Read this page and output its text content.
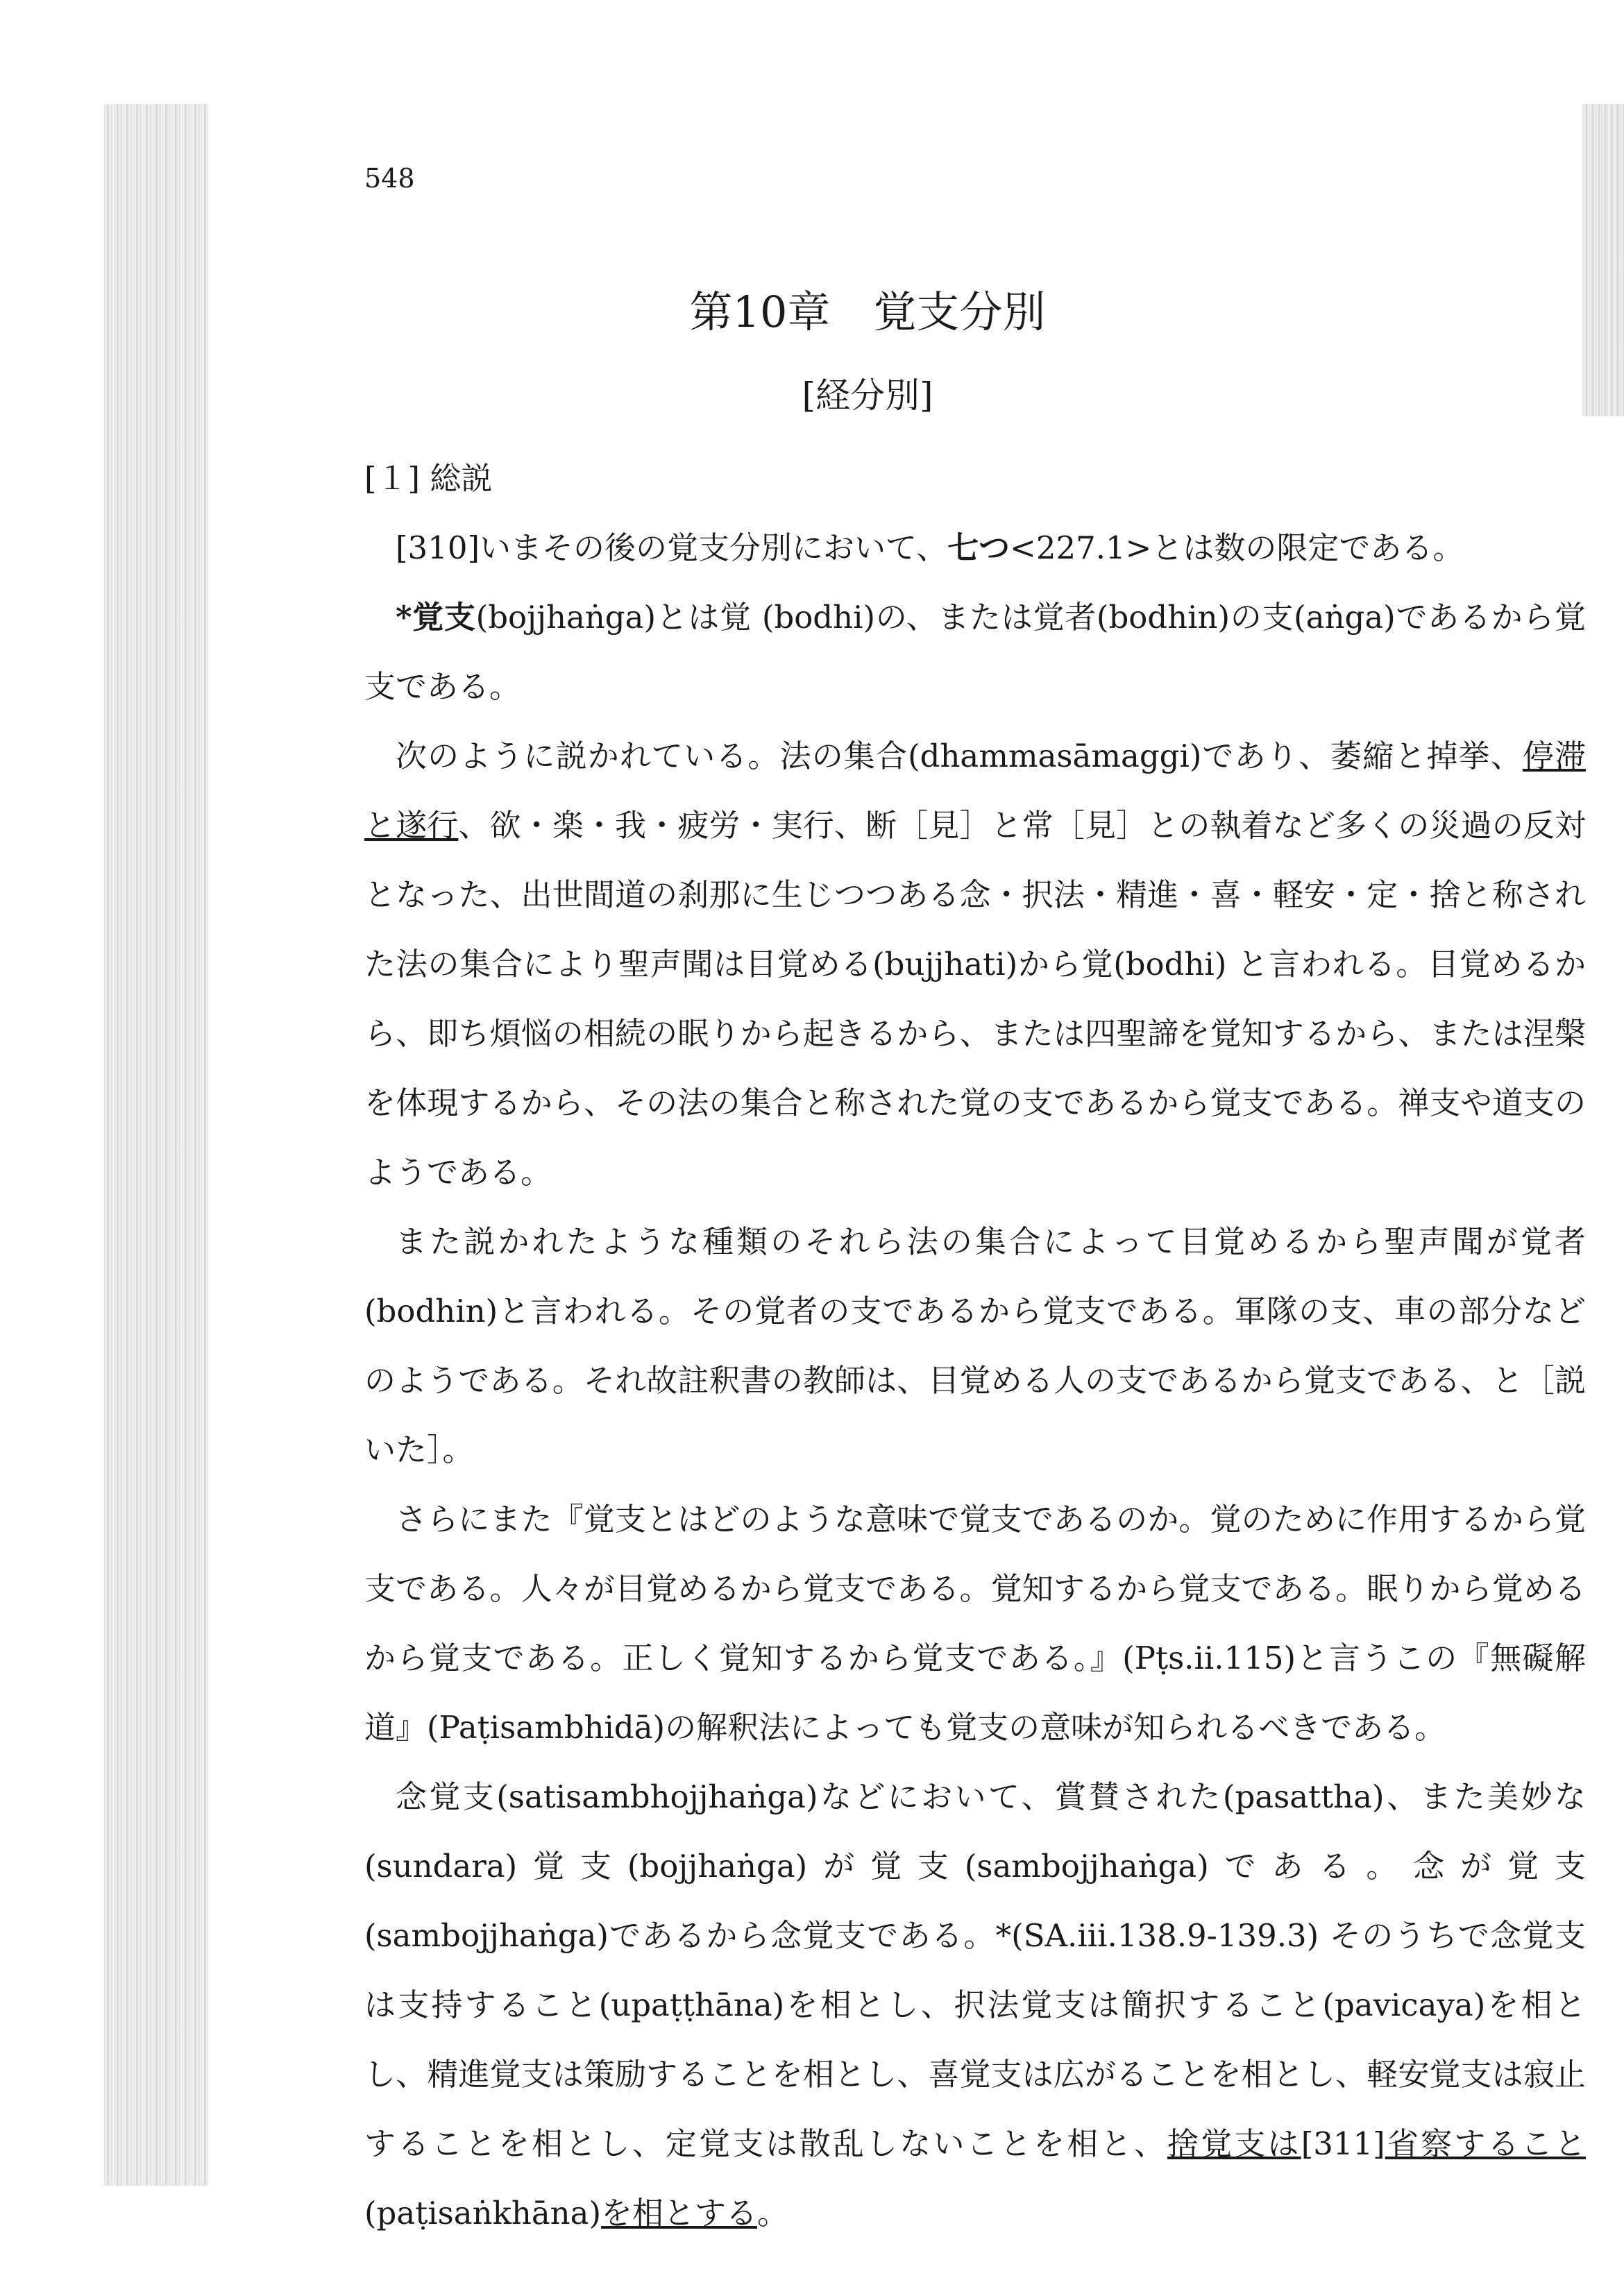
548
第10章　覚支分別
[経分別]
[１] 総説
[310]いまその後の覚支分別において、七つ<227.1>とは数の限定である。
*覚支(bojjhaṅga)とは覚 (bodhi)の、または覚者(bodhin)の支(aṅga)であるから覚支である。
次のように説かれている。法の集合(dhammasāmaggi)であり、萎縮と掉挙、停滞と遂行、欲・楽・我・疲労・実行、断［見］と常［見］との執着など多くの災過の反対となった、出世間道の刹那に生じつつある念・択法・精進・喜・軽安・定・捨と称された法の集合により聖声聞は目覚める(bujjhati)から覚(bodhi) と言われる。目覚めるから、即ち煩悩の相続の眠りから起きるから、または四聖諦を覚知するから、または涅槃を体現するから、その法の集合と称された覚の支であるから覚支である。禅支や道支のようである。
また説かれたような種類のそれら法の集合によって目覚めるから聖声聞が覚者(bodhin)と言われる。その覚者の支であるから覚支である。軍隊の支、車の部分などのようである。それ故註釈書の教師は、目覚める人の支であるから覚支である、と［説いた］。
さらにまた『覚支とはどのような意味で覚支であるのか。覚のために作用するから覚支である。人々が目覚めるから覚支である。覚知するから覚支である。眠りから覚めるから覚支である。正しく覚知するから覚支である。』(Pṭs.ii.115)と言うこの『無礙解道』(Paṭisambhidā)の解釈法によっても覚支の意味が知られるべきである。
念覚支(satisambhojjhaṅga)などにおいて、賞賛された(pasattha)、また美妙な(sundara)覚支(bojjhaṅga)が覚支(sambojjhaṅga)である。念が覚支(sambojjhaṅga)であるから念覚支である。*(SA.iii.138.9-139.3) そのうちで念覚支は支持すること(upaṭṭhāna)を相とし、択法覚支は簡択すること(pavicaya)を相とし、精進覚支は策励することを相とし、喜覚支は広がることを相とし、軽安覚支は寂止することを相とし、定覚支は散乱しないことを相と、捨覚支は[311]省察すること(paṭisaṅkhāna)を相とする。
